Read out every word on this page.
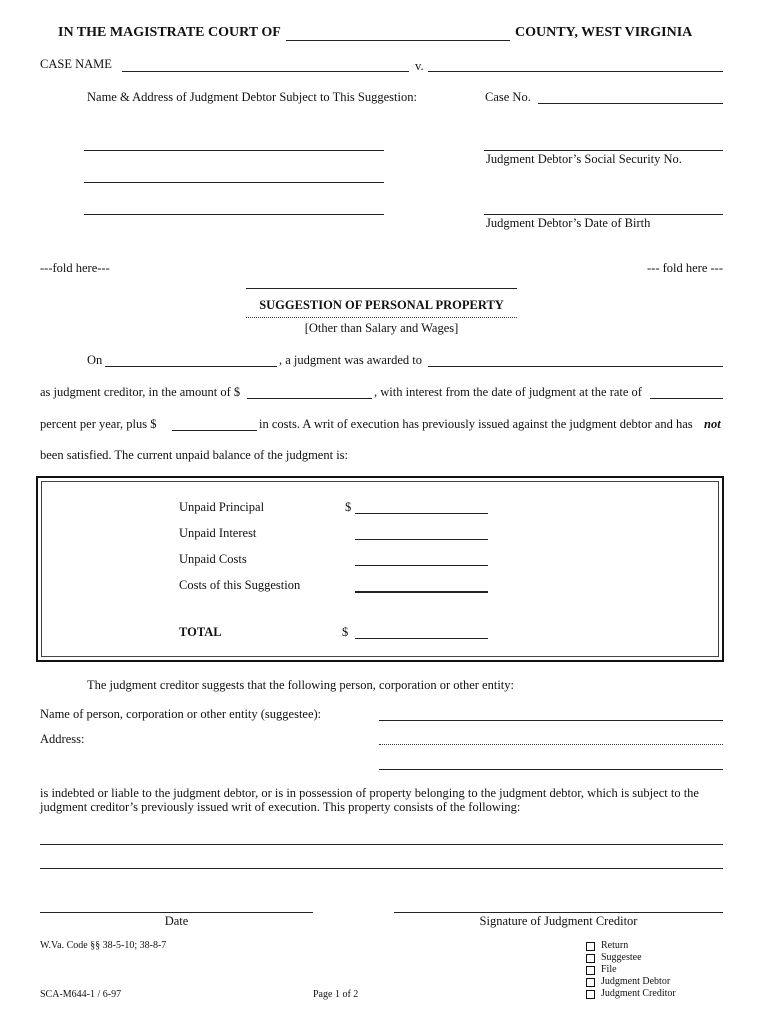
IN THE MAGISTRATE COURT OF	COUNTY, WEST VIRGINIA
CASE NAME	v.
Name & Address of Judgment Debtor Subject to This Suggestion:	Case No.
Judgment Debtor’s Social Security No.
Judgment Debtor’s Date of Birth
---fold here---	--- fold here ---
SUGGESTION OF PERSONAL PROPERTY
[Other than Salary and Wages]
On	, a judgment was awarded to
as judgment creditor, in the amount of $	, with interest from the date of judgment at the rate of
percent per year, plus $	in costs. A writ of execution has previously issued against the judgment debtor and has not
been satisfied. The current unpaid balance of the judgment is:
Unpaid Principal	$
Unpaid Interest
Unpaid Costs
Costs of this Suggestion
TOTAL	$
The judgment creditor suggests that the following person, corporation or other entity:
Name of person, corporation or other entity (suggestee):
Address:
is indebted or liable to the judgment debtor, or is in possession of property belonging to the judgment debtor, which is subject to the
judgment creditor’s previously issued writ of execution. This property consists of the following:
Date	Signature of Judgment Creditor
W.Va. Code §§ 38-5-10; 38-8-7
SCA-M644-1 / 6-97	Page 1 of 2
Return
Suggestee
File
Judgment Debtor
Judgment Creditor
